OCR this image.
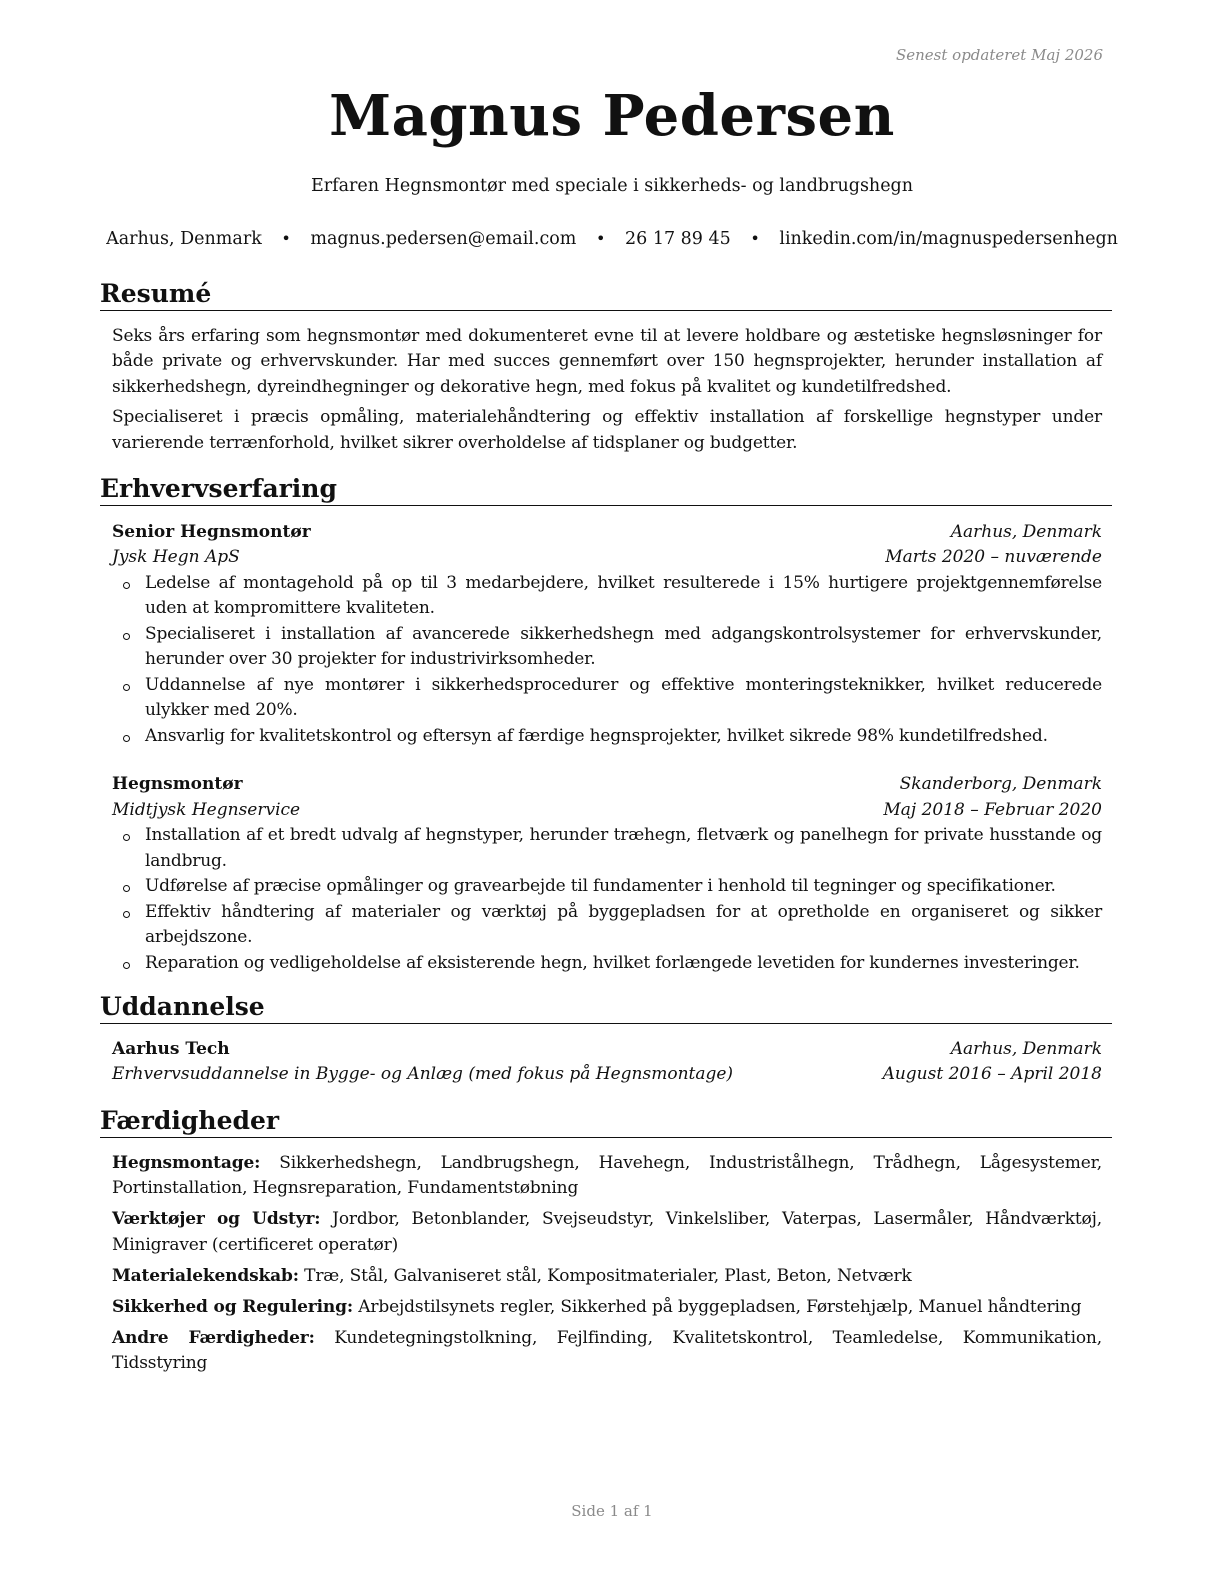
Senest opdateret Maj 2026
Magnus Pedersen
Erfaren Hegnsmontør med speciale i sikkerheds- og landbrugshegn
Aarhus, Denmark • magnus.pedersen@email.com • 26 17 89 45 • linkedin.com/in/magnuspedersenhegn
Resumé

Seks års erfaring som hegnsmontør med dokumenteret evne til at levere holdbare og æstetiske hegnsløsninger for både private og erhvervskunder. Har med succes gennemført over 150 hegnsprojekter, herunder installation af sikkerhedshegn, dyreindhegninger og dekorative hegn, med fokus på kvalitet og kundetilfredshed.

Specialiseret i præcis opmåling, materialehåndtering og effektiv installation af forskellige hegnstyper under varierende terrænforhold, hvilket sikrer overholdelse af tidsplaner og budgetter.

Erhvervserfaring
Senior Hegnsmontør	Aarhus, Denmark
Jysk Hegn ApS	Marts 2020 – nuværende
Ledelse af montagehold på op til 3 medarbejdere, hvilket resulterede i 15% hurtigere projektgennemførelse uden at kompromittere kvaliteten.
Specialiseret i installation af avancerede sikkerhedshegn med adgangskontrolsystemer for erhvervskunder, herunder over 30 projekter for industrivirksomheder.
Uddannelse af nye montører i sikkerhedsprocedurer og effektive monteringsteknikker, hvilket reducerede ulykker med 20%.
Ansvarlig for kvalitetskontrol og eftersyn af færdige hegnsprojekter, hvilket sikrede 98% kundetilfredshed.
Hegnsmontør	Skanderborg, Denmark
Midtjysk Hegnservice	Maj 2018 – Februar 2020
Installation af et bredt udvalg af hegnstyper, herunder træhegn, fletværk og panelhegn for private husstande og landbrug.
Udførelse af præcise opmålinger og gravearbejde til fundamenter i henhold til tegninger og specifikationer.
Effektiv håndtering af materialer og værktøj på byggepladsen for at opretholde en organiseret og sikker arbejdszone.
Reparation og vedligeholdelse af eksisterende hegn, hvilket forlængede levetiden for kundernes investeringer.
Uddannelse
Aarhus Tech	Aarhus, Denmark
Erhvervsuddannelse in Bygge- og Anlæg (med fokus på Hegnsmontage)	August 2016 – April 2018
Færdigheder

Hegnsmontage: Sikkerhedshegn, Landbrugshegn, Havehegn, Industristålhegn, Trådhegn, Lågesystemer, Portinstallation, Hegnsreparation, Fundamentstøbning

Værktøjer og Udstyr: Jordbor, Betonblander, Svejseudstyr, Vinkelsliber, Vaterpas, Lasermåler, Håndværktøj, Minigraver (certificeret operatør)

Materialekendskab: Træ, Stål, Galvaniseret stål, Kompositmaterialer, Plast, Beton, Netværk

Sikkerhed og Regulering: Arbejdstilsynets regler, Sikkerhed på byggepladsen, Førstehjælp, Manuel håndtering

Andre Færdigheder: Kundetegningstolkning, Fejlfinding, Kvalitetskontrol, Teamledelse, Kommunikation, Tidsstyring

Side 1 af 1
